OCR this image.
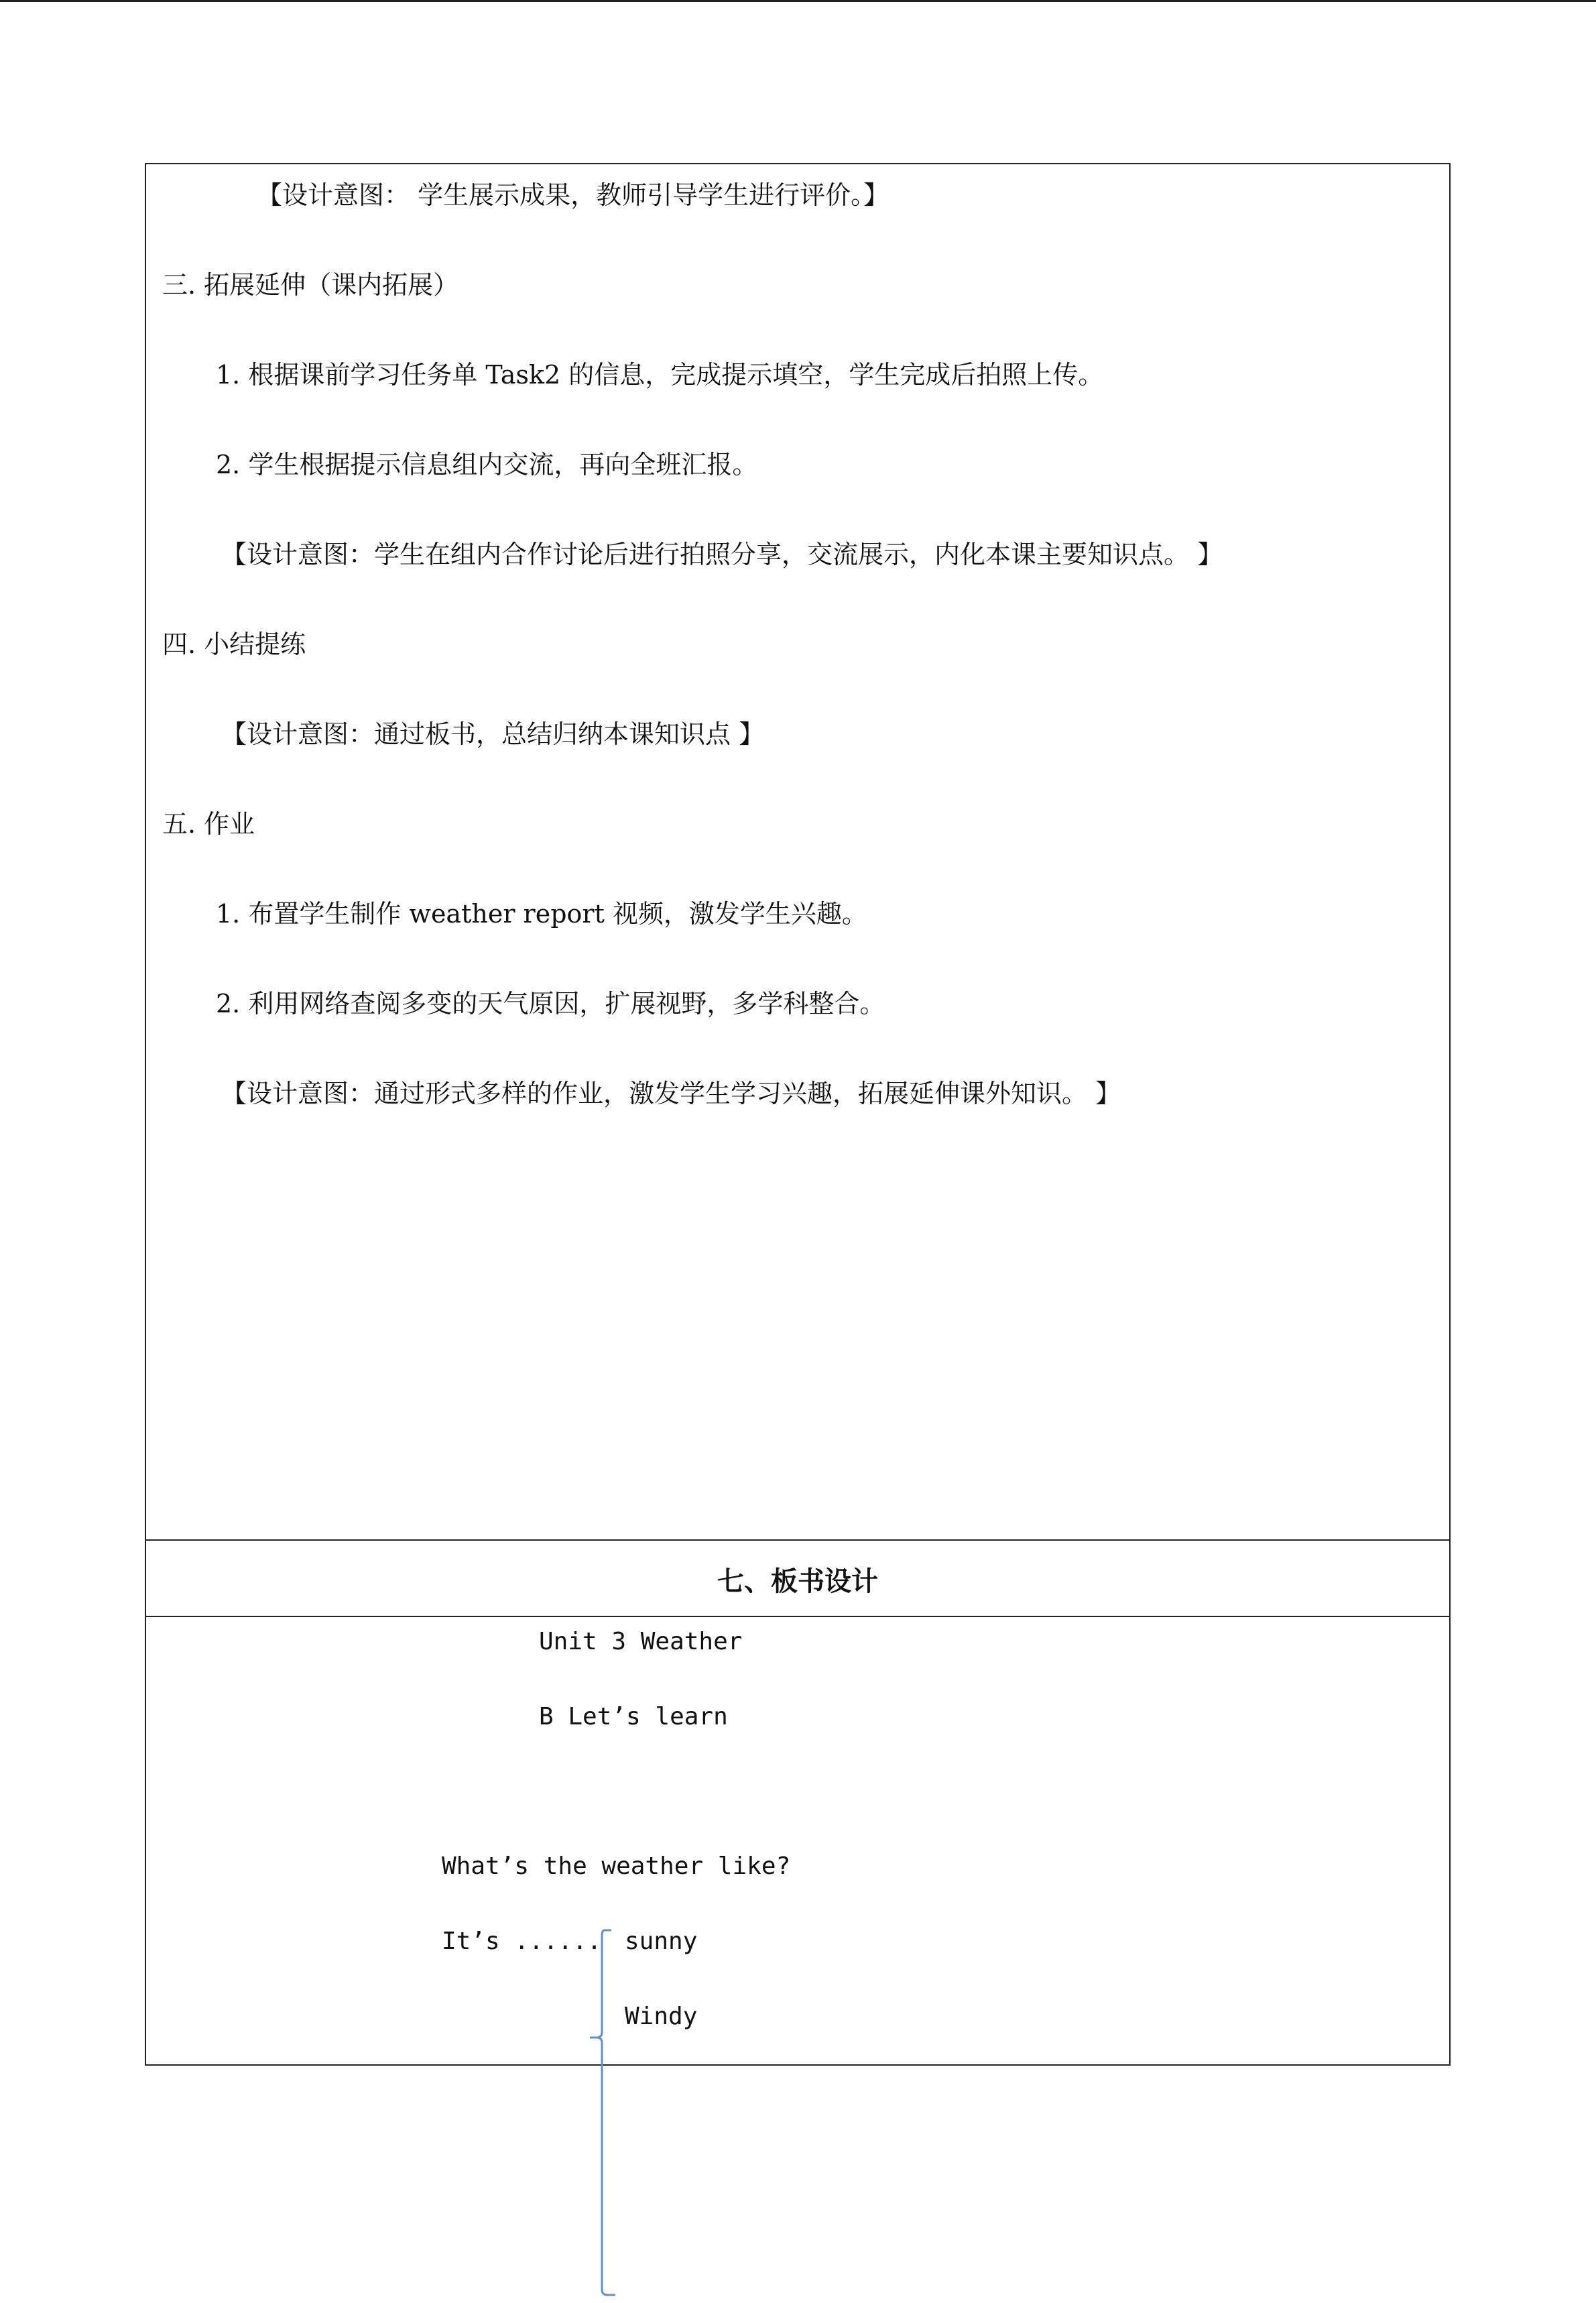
【设计意图： 学生展示成果，教师引导学生进行评价。】
三. 拓展延伸（课内拓展）
1. 根据课前学习任务单 Task2 的信息，完成提示填空，学生完成后拍照上传。
2. 学生根据提示信息组内交流，再向全班汇报。
【设计意图：学生在组内合作讨论后进行拍照分享，交流展示，内化本课主要知识点。 】
四. 小结提练
【设计意图：通过板书，总结归纳本课知识点 】
五. 作业
1. 布置学生制作 weather report 视频，激发学生兴趣。
2. 利用网络查阅多变的天气原因，扩展视野，多学科整合。
【设计意图：通过形式多样的作业，激发学生学习兴趣，拓展延伸课外知识。 】
七、板书设计
Unit 3 Weather
B Let’s learn
What’s the weather like?
It’s ...... sunny
Windy
